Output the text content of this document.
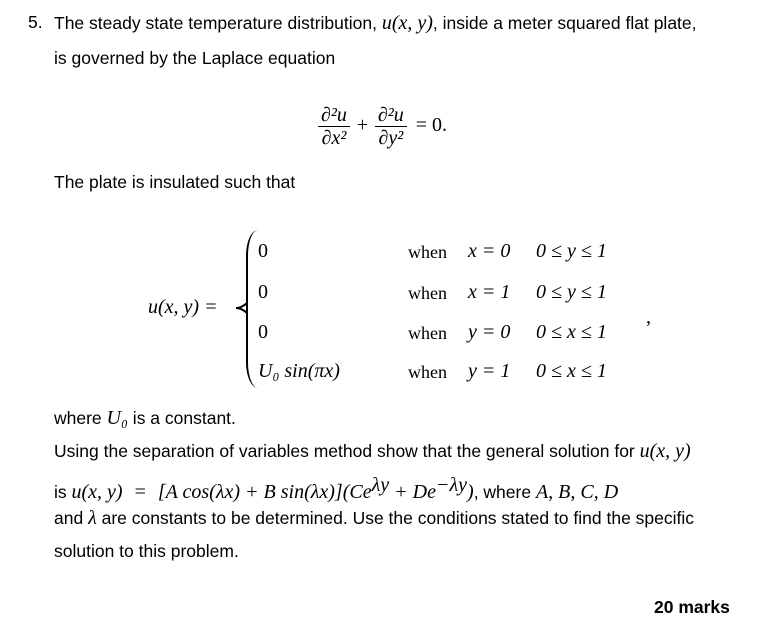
5. The steady state temperature distribution, u(x, y), inside a meter squared flat plate,
is governed by the Laplace equation
$\frac{\text{∂²u}}{\text{∂x²}} + \frac{\text{∂²u}}{\text{∂y²}} = 0$.
The plate is insulated such that
u(x, y) =
0	when x = 0 0 ≤ y ≤ 1
0	when x = 1 0 ≤ y ≤ 1
0	when y = 0 0 ≤ x ≤ 1
U₀ sin(πx)	when y = 1 0 ≤ x ≤ 1
,
where U₀ is a constant.
Using the separation of variables method show that the general solution for u(x, y)
is u(x, y) = [A cos(λx) + B $\sin(\lambda x)](Ce^{\lambda y} + De^{-\lambda y})$, where A, B, C, D
and λ are constants to be determined. Use the conditions stated to find the specific
solution to this problem.
20 marks
